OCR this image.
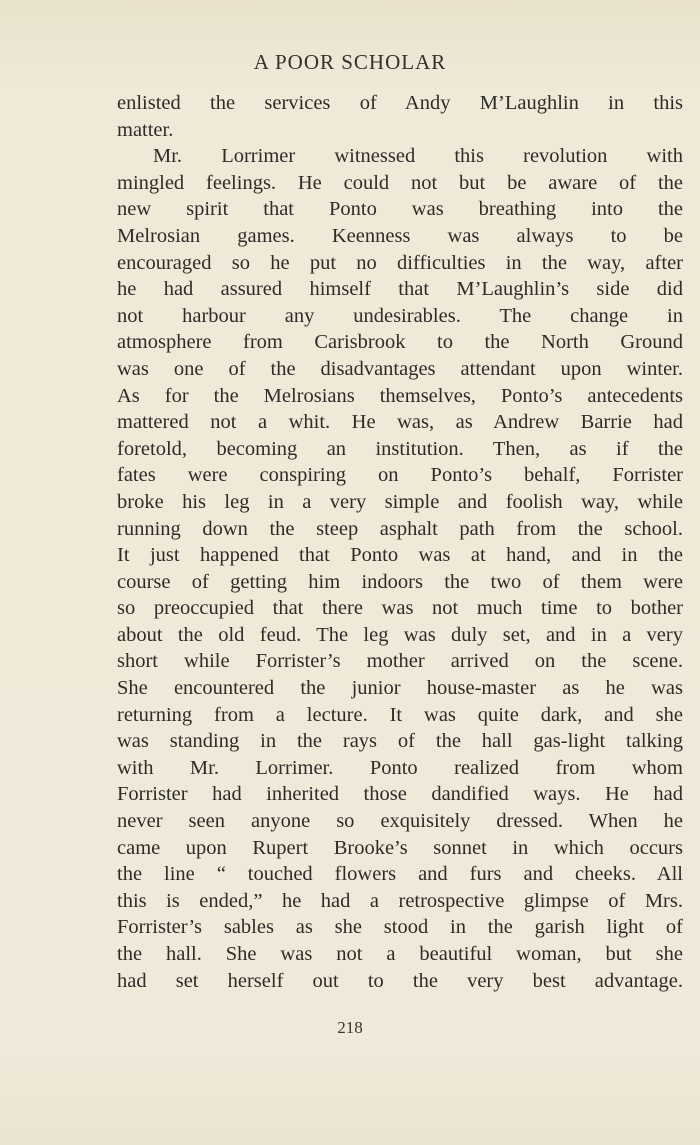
A POOR SCHOLAR
enlisted the services of Andy M’Laughlin in this
matter.
Mr. Lorrimer witnessed this revolution with
mingled feelings. He could not but be aware of the
new spirit that Ponto was breathing into the
Melrosian games. Keenness was always to be
encouraged so he put no difficulties in the way, after
he had assured himself that M’Laughlin’s side did
not harbour any undesirables. The change in
atmosphere from Carisbrook to the North Ground
was one of the disadvantages attendant upon winter.
As for the Melrosians themselves, Ponto’s antecedents
mattered not a whit. He was, as Andrew Barrie had
foretold, becoming an institution. Then, as if the
fates were conspiring on Ponto’s behalf, Forrister
broke his leg in a very simple and foolish way, while
running down the steep asphalt path from the school.
It just happened that Ponto was at hand, and in the
course of getting him indoors the two of them were
so preoccupied that there was not much time to bother
about the old feud. The leg was duly set, and in a very
short while Forrister’s mother arrived on the scene.
She encountered the junior house-master as he was
returning from a lecture. It was quite dark, and she
was standing in the rays of the hall gas-light talking
with Mr. Lorrimer. Ponto realized from whom
Forrister had inherited those dandified ways. He had
never seen anyone so exquisitely dressed. When he
came upon Rupert Brooke’s sonnet in which occurs
the line “ touched flowers and furs and cheeks. All
this is ended,” he had a retrospective glimpse of Mrs.
Forrister’s sables as she stood in the garish light of
the hall. She was not a beautiful woman, but she
had set herself out to the very best advantage.
218
